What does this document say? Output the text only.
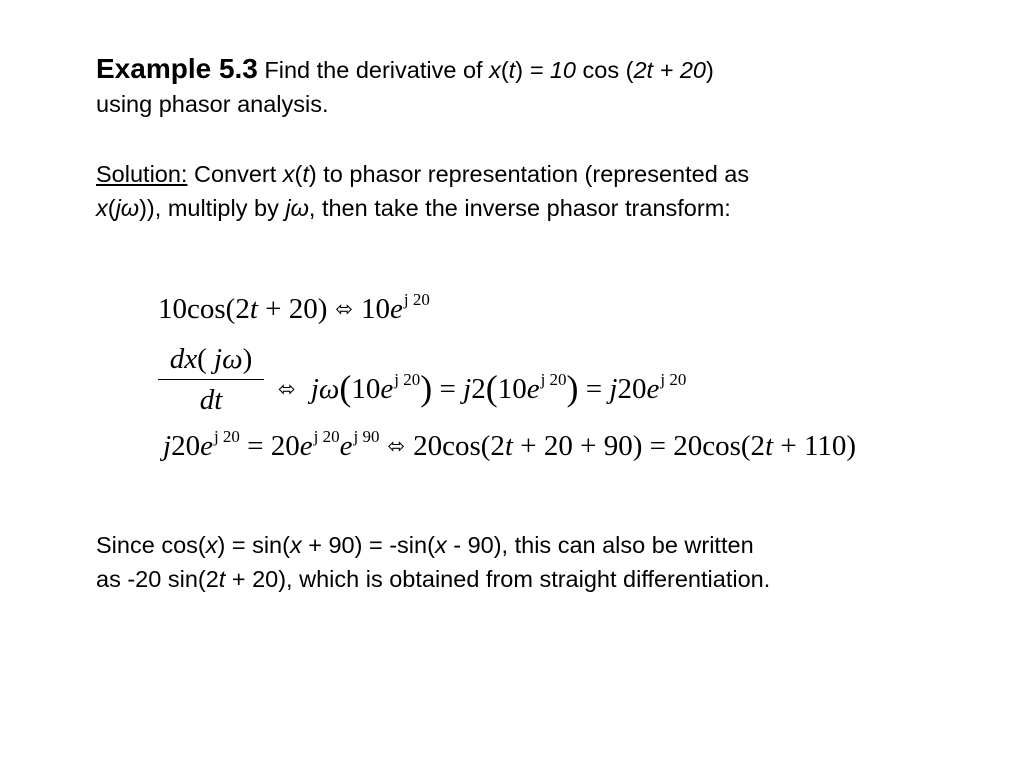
Example 5.3 Find the derivative of x(t) = 10 cos (2t + 20)
using phasor analysis.
Solution: Convert x(t) to phasor representation (represented as
x(jω)), multiply by jω, then take the inverse phasor transform:
10cos(2t + 20) ⬄ $10e^{j 20}$
dx( jω)
dt	⬄ $j\omega(10e^{j 20}) = j2(10e^{j 20}) = j20e^{j 20}$
$j20e^{j 20} = 20e^{j 20}e^{j 90}$ ⬄ 20cos(2t + 20 + 90) = 20cos(2t + 110)
Since cos(x) = sin(x + 90) = -sin(x - 90), this can also be written
as -20 sin(2t + 20), which is obtained from straight differentiation.
